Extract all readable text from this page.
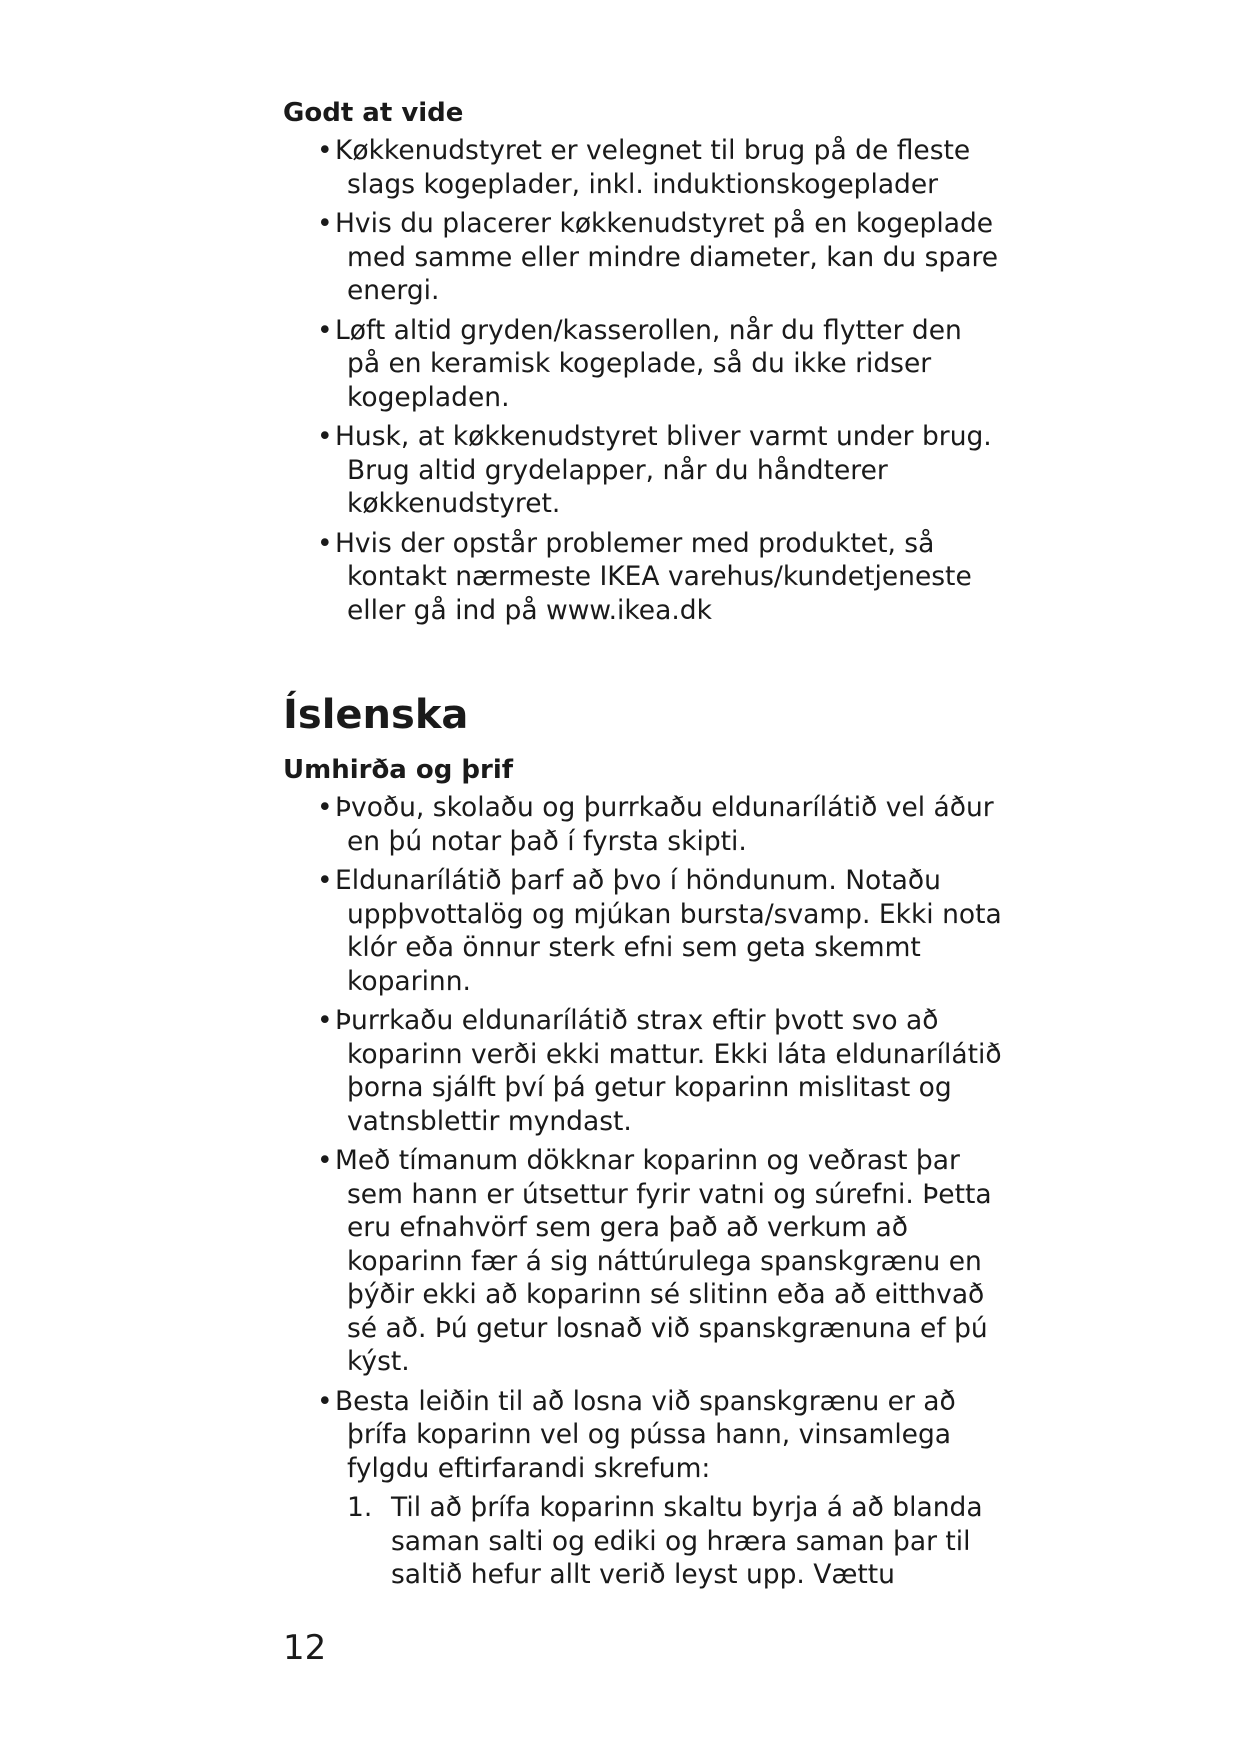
Godt at vide
•Køkkenudstyret er velegnet til brug på de fleste slags kogeplader, inkl. induktionskogeplader
•Hvis du placerer køkkenudstyret på en kogeplade med samme eller mindre diameter, kan du spare energi.
•Løft altid gryden/kasserollen, når du flytter den på en keramisk kogeplade, så du ikke ridser kogepladen.
•Husk, at køkkenudstyret bliver varmt under brug. Brug altid grydelapper, når du håndterer køkkenudstyret.
•Hvis der opstår problemer med produktet, så kontakt nærmeste IKEA varehus/kundetjeneste eller gå ind på www.ikea.dk
Íslenska
Umhirða og þrif
•Þvoðu, skolaðu og þurrkaðu eldunarílátið vel áður en þú notar það í fyrsta skipti.
•Eldunarílátið þarf að þvo í höndunum. Notaðu uppþvottalög og mjúkan bursta/svamp. Ekki nota klór eða önnur sterk efni sem geta skemmt koparinn.
•Þurrkaðu eldunarílátið strax eftir þvott svo að koparinn verði ekki mattur. Ekki láta eldunarílátið þorna sjálft því þá getur koparinn mislitast og vatnsblettir myndast.
•Með tímanum dökknar koparinn og veðrast þar sem hann er útsettur fyrir vatni og súrefni. Þetta eru efnahvörf sem gera það að verkum að koparinn fær á sig náttúrulega spanskgrænu en þýðir ekki að koparinn sé slitinn eða að eitthvað sé að. Þú getur losnað við spanskgrænuna ef þú kýst.
•Besta leiðin til að losna við spanskgrænu er að þrífa koparinn vel og pússa hann, vinsamlega fylgdu eftirfarandi skrefum:
1. Til að þrífa koparinn skaltu byrja á að blanda saman salti og ediki og hræra saman þar til saltið hefur allt verið leyst upp. Vættu
12
